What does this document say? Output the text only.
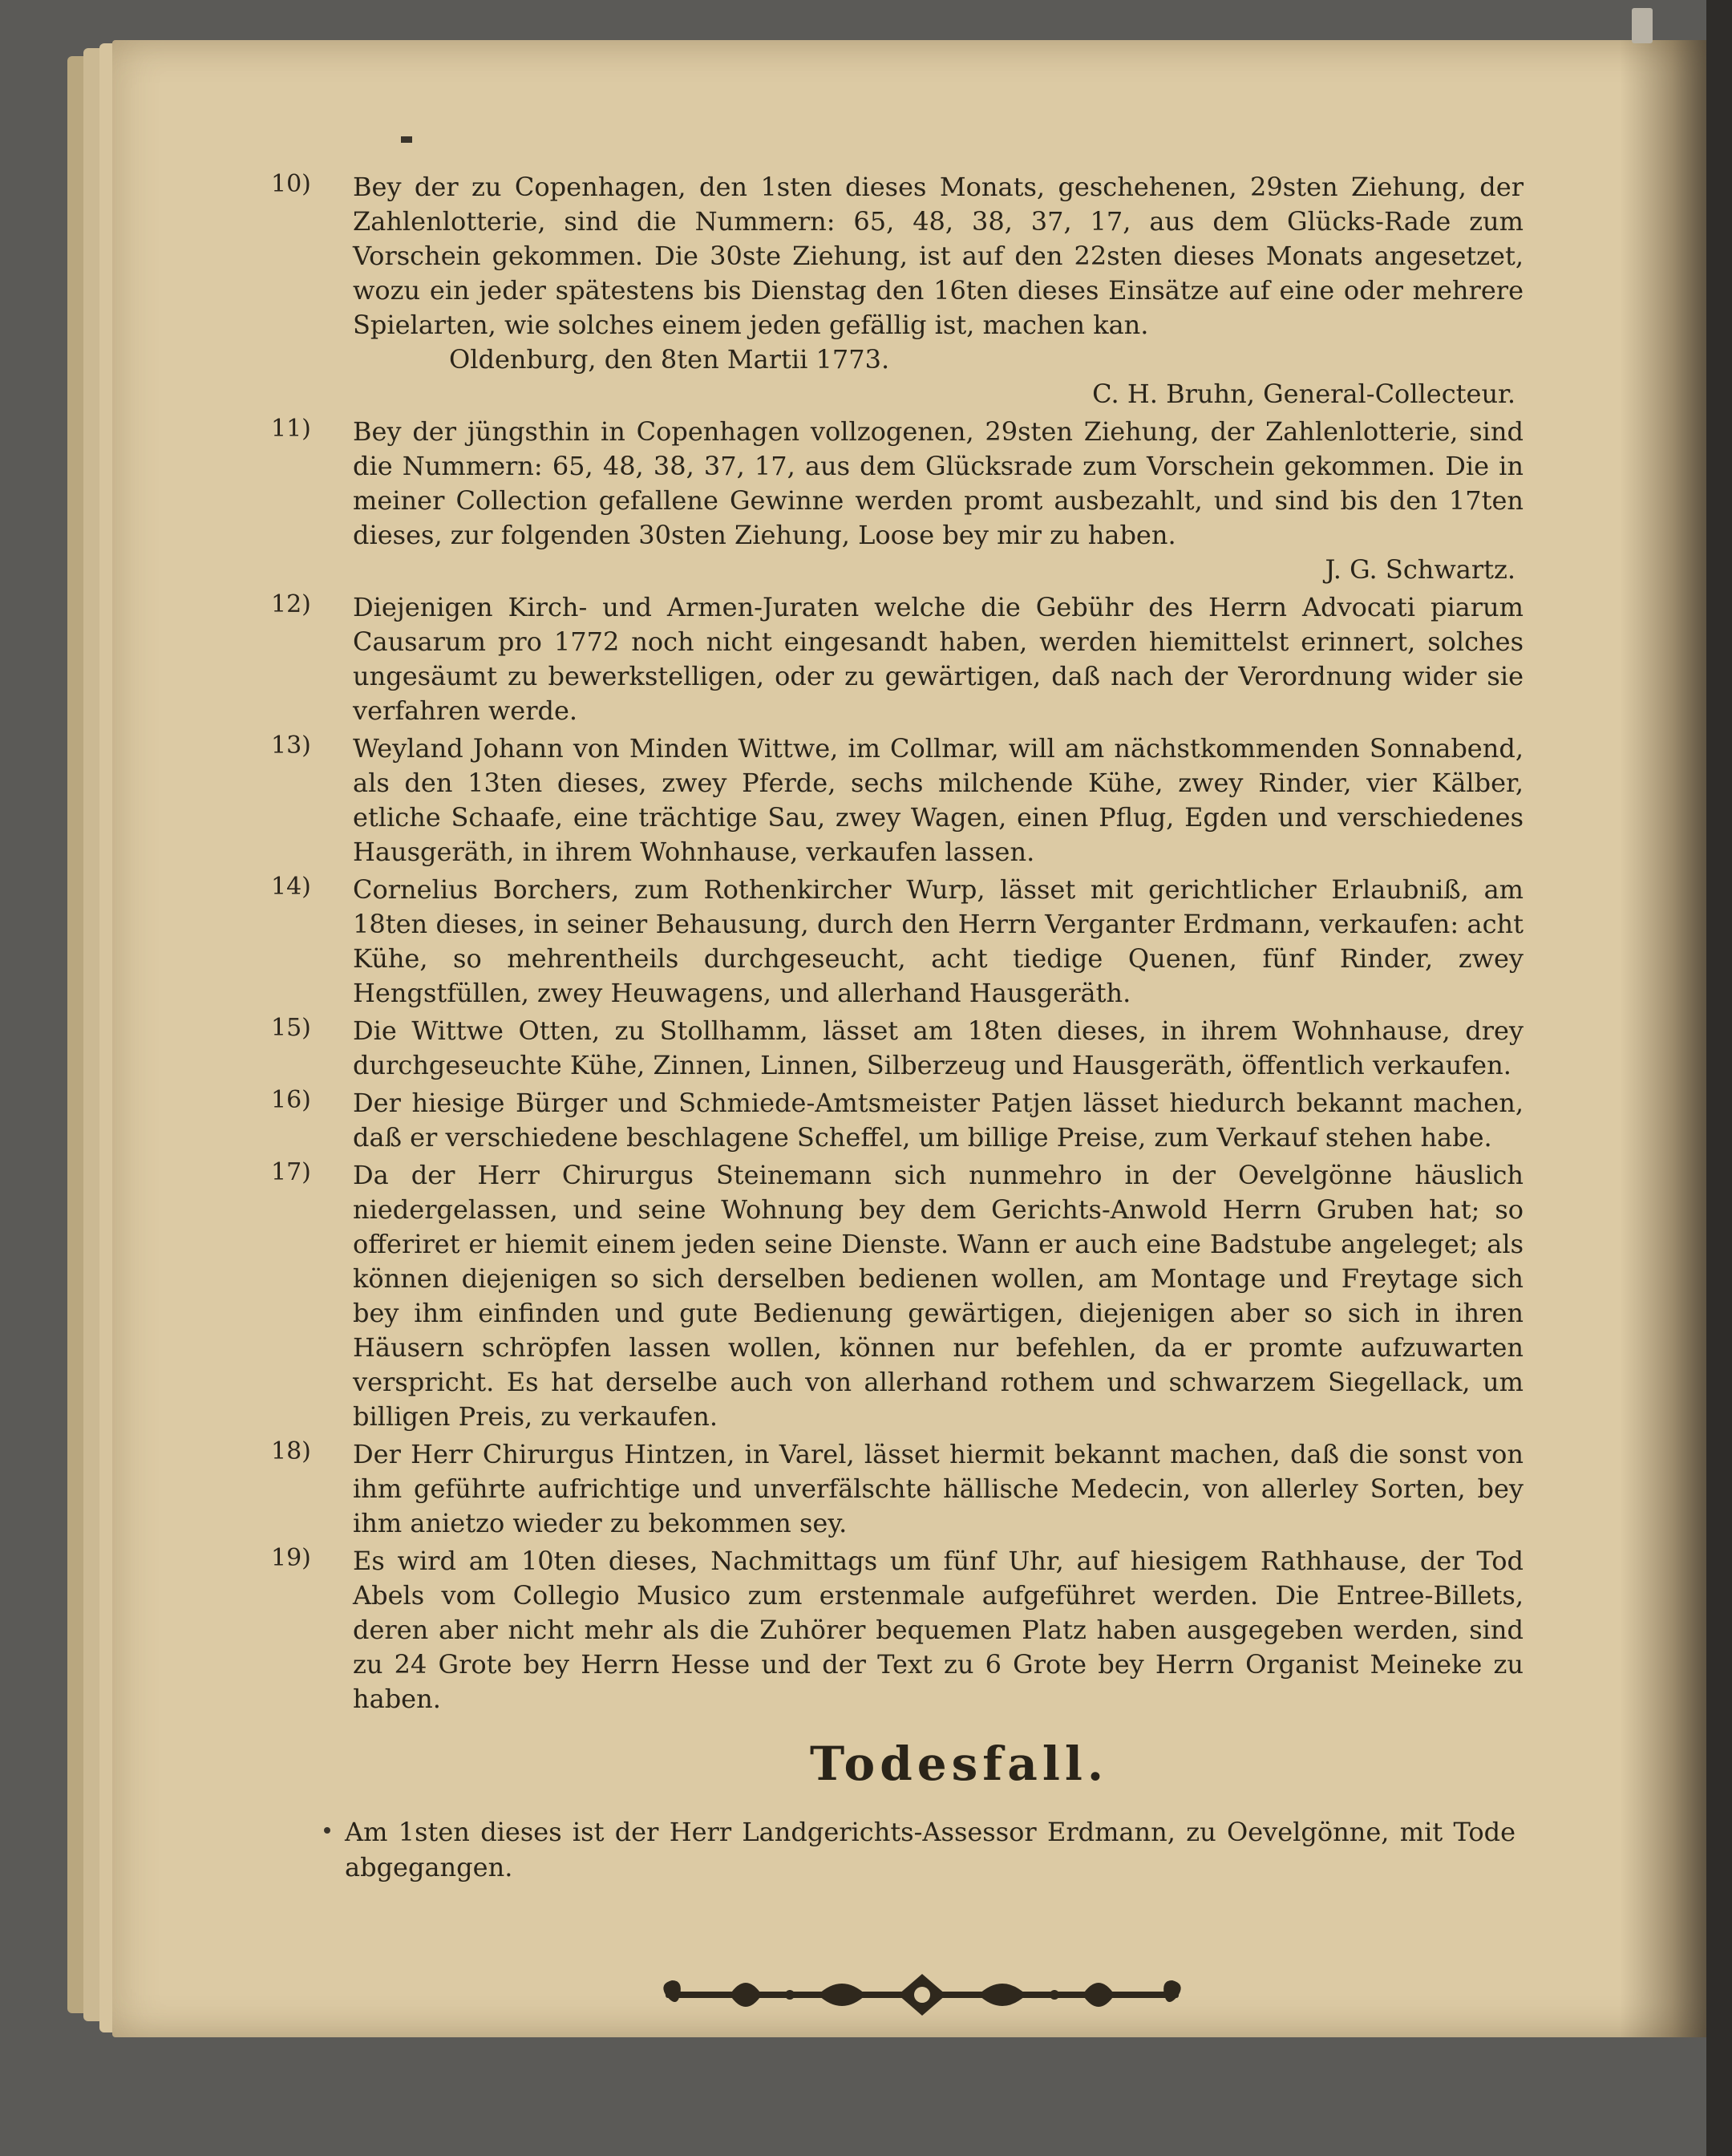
10)	Bey der zu Copenhagen, den 1sten dieses Monats, geschehenen, 29sten Ziehung, der Zahlenlotterie, sind die Nummern: 65, 48, 38, 37, 17, aus dem Glücks-Rade zum Vorschein gekommen. Die 30ste Ziehung, ist auf den 22sten dieses Monats angesetzet, wozu ein jeder spätestens bis Dienstag den 16ten dieses Einsätze auf eine oder mehrere Spielarten, wie solches einem jeden gefällig ist, machen kan.
Oldenburg, den 8ten Martii 1773.
C. H. Bruhn, General-Collecteur.
11)	Bey der jüngsthin in Copenhagen vollzogenen, 29sten Ziehung, der Zahlenlotterie, sind die Nummern: 65, 48, 38, 37, 17, aus dem Glücksrade zum Vorschein gekommen. Die in meiner Collection gefallene Gewinne werden promt ausbezahlt, und sind bis den 17ten dieses, zur folgenden 30sten Ziehung, Loose bey mir zu haben.
J. G. Schwartz.
12)	Diejenigen Kirch- und Armen-Juraten welche die Gebühr des Herrn Advocati piarum Causarum pro 1772 noch nicht eingesandt haben, werden hiemittelst erinnert, solches ungesäumt zu bewerkstelligen, oder zu gewärtigen, daß nach der Verordnung wider sie verfahren werde.
13)	Weyland Johann von Minden Wittwe, im Collmar, will am nächstkommenden Sonnabend, als den 13ten dieses, zwey Pferde, sechs milchende Kühe, zwey Rinder, vier Kälber, etliche Schaafe, eine trächtige Sau, zwey Wagen, einen Pflug, Egden und verschiedenes Hausgeräth, in ihrem Wohnhause, verkaufen lassen.
14)	Cornelius Borchers, zum Rothenkircher Wurp, lässet mit gerichtlicher Erlaubniß, am 18ten dieses, in seiner Behausung, durch den Herrn Verganter Erdmann, verkaufen: acht Kühe, so mehrentheils durchgeseucht, acht tiedige Quenen, fünf Rinder, zwey Hengstfüllen, zwey Heuwagens, und allerhand Hausgeräth.
15)	Die Wittwe Otten, zu Stollhamm, lässet am 18ten dieses, in ihrem Wohnhause, drey durchgeseuchte Kühe, Zinnen, Linnen, Silberzeug und Hausgeräth, öffentlich verkaufen.
16)	Der hiesige Bürger und Schmiede-Amtsmeister Patjen lässet hiedurch bekannt machen, daß er verschiedene beschlagene Scheffel, um billige Preise, zum Verkauf stehen habe.
17)	Da der Herr Chirurgus Steinemann sich nunmehro in der Oevelgönne häuslich niedergelassen, und seine Wohnung bey dem Gerichts-Anwold Herrn Gruben hat; so offeriret er hiemit einem jeden seine Dienste. Wann er auch eine Badstube angeleget; als können diejenigen so sich derselben bedienen wollen, am Montage und Freytage sich bey ihm einfinden und gute Bedienung gewärtigen, diejenigen aber so sich in ihren Häusern schröpfen lassen wollen, können nur befehlen, da er promte aufzuwarten verspricht. Es hat derselbe auch von allerhand rothem und schwarzem Siegellack, um billigen Preis, zu verkaufen.
18)	Der Herr Chirurgus Hintzen, in Varel, lässet hiermit bekannt machen, daß die sonst von ihm geführte aufrichtige und unverfälschte hällische Medecin, von allerley Sorten, bey ihm anietzo wieder zu bekommen sey.
19)	Es wird am 10ten dieses, Nachmittags um fünf Uhr, auf hiesigem Rathhause, der Tod Abels vom Collegio Musico zum erstenmale aufgeführet werden. Die Entree-Billets, deren aber nicht mehr als die Zuhörer bequemen Platz haben ausgegeben werden, sind zu 24 Grote bey Herrn Hesse und der Text zu 6 Grote bey Herrn Organist Meineke zu haben.
Todesfall.
Am 1sten dieses ist der Herr Landgerichts-Assessor Erdmann, zu Oevelgönne, mit Tode abgegangen.
